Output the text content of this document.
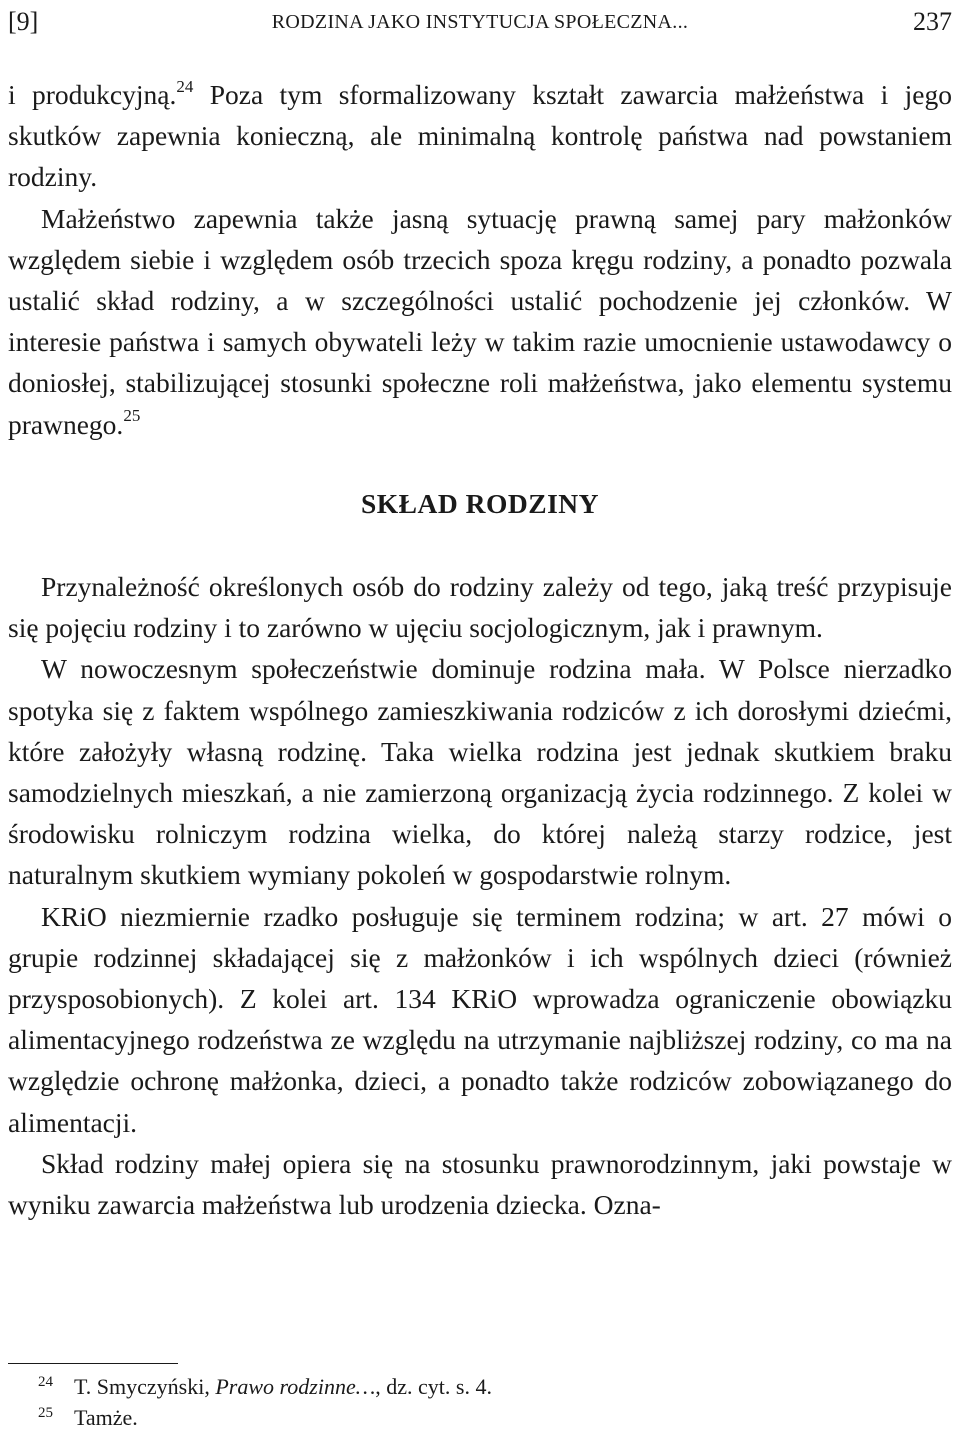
[9]	RODZINA JAKO INSTYTUCJA SPOŁECZNA...	237

i produkcyjną.$^{24}$ Poza tym sformalizowany kształt zawarcia małżeństwa i jego skutków zapewnia konieczną, ale minimalną kontrolę państwa nad powstaniem rodziny.

Małżeństwo zapewnia także jasną sytuację prawną samej pary małżonków względem siebie i względem osób trzecich spoza kręgu rodziny, a ponadto pozwala ustalić skład rodziny, a w szczególności ustalić pochodzenie jej członków. W interesie państwa i samych obywateli leży w takim razie umocnienie ustawodawcy o doniosłej, stabilizującej stosunki społeczne roli małżeństwa, jako elementu systemu prawnego.$^{25}$

SKŁAD RODZINY

Przynależność określonych osób do rodziny zależy od tego, jaką treść przypisuje się pojęciu rodziny i to zarówno w ujęciu socjologicznym, jak i prawnym.

W nowoczesnym społeczeństwie dominuje rodzina mała. W Polsce nierzadko spotyka się z faktem wspólnego zamieszkiwania rodziców z ich dorosłymi dziećmi, które założyły własną rodzinę. Taka wielka rodzina jest jednak skutkiem braku samodzielnych mieszkań, a nie zamierzoną organizacją życia rodzinnego. Z kolei w środowisku rolniczym rodzina wielka, do której należą starzy rodzice, jest naturalnym skutkiem wymiany pokoleń w gospodarstwie rolnym.

KRiO niezmiernie rzadko posługuje się terminem rodzina; w art. 27 mówi o grupie rodzinnej składającej się z małżonków i ich wspólnych dzieci (również przysposobionych). Z kolei art. 134 KRiO wprowadza ograniczenie obowiązku alimentacyjnego rodzeństwa ze względu na utrzymanie najbliższej rodziny, co ma na względzie ochronę małżonka, dzieci, a ponadto także rodziców zobowiązanego do alimentacji.

Skład rodziny małej opiera się na stosunku prawnorodzinnym, jaki powstaje w wyniku zawarcia małżeństwa lub urodzenia dziecka. Ozna-

24 T. Smyczyński, Prawo rodzinne…, dz. cyt. s. 4.

25 Tamże.
